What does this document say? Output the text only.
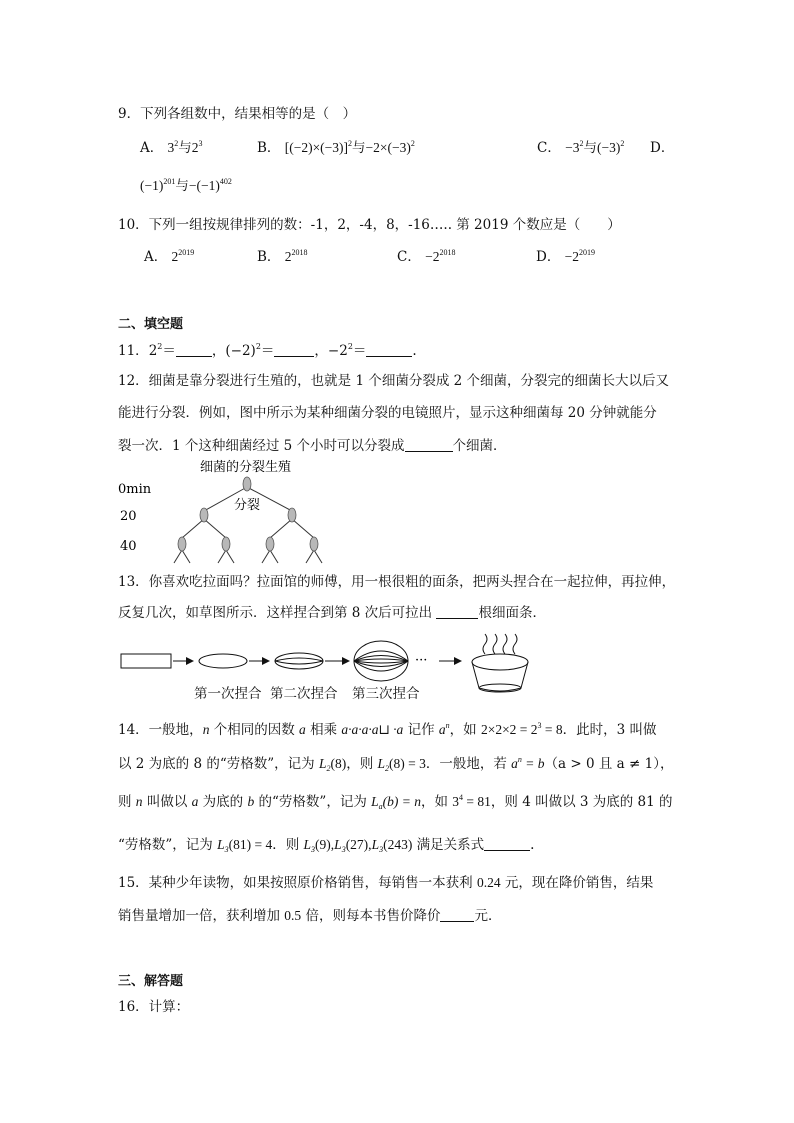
9．下列各组数中，结果相等的是（　）
A． $3^2$与$2^3$	B． $[(-2)\times(-3)]^2$与$-2\times(-3)^2$	C． $-3^2$与$(-3)^2$ D．
$(-1)^{201}$与$-(-1)^{402}$
10．下列一组按规律排列的数：-1，2，-4，8，-16….. 第 2019 个数应是（　　）
A． $2^{2019}$	B． $2^{2018}$	C． $-2^{2018}$	D． $-2^{2019}$
二、填空题
11．$2^2=$	，$(-2)^2=$	，$-2^2=$	.
12．细菌是靠分裂进行生殖的，也就是 1 个细菌分裂成 2 个细菌，分裂完的细菌长大以后又
能进行分裂．例如，图中所示为某种细菌分裂的电镜照片，显示这种细菌每 20 分钟就能分
裂一次．1 个这种细菌经过 5 个小时可以分裂成	个细菌．
细菌的分裂生殖
0min
20
40
分裂
13．你喜欢吃拉面吗？拉面馆的师傅，用一根很粗的面条，把两头捏合在一起拉伸，再拉伸，
反复几次，如草图所示．这样捏合到第 8 次后可拉出	根细面条．
···
第一次捏合 第二次捏合 第三次捏合
14．一般地，n 个相同的因数 a 相乘 a·a·a·a⊔ ·a 记作 $a^n$，如 $2\times 2\times 2 = 2^3 = 8$．此时，3 叫做
以 2 为底的 8 的“劳格数”，记为 $L_2(8)$，则 $L_2(8) = 3$．一般地，若 $a^n = b(a > 0$ 且 a ≠ 1），
则 n 叫做以 a 为底的 b 的“劳格数”，记为 $L_a(b) = n$，如 $3^4 = 81$，则 4 叫做以 3 为底的 81 的
“劳格数”，记为 $L_3(81) = 4$．则 $L_3(9),L_3(27),L_3(243)$ 满足关系式	.
15．某种少年读物，如果按照原价格销售，每销售一本获利 0.24 元，现在降价销售，结果
销售量增加一倍，获利增加 0.5 倍，则每本书售价降价	元．
三、解答题
16．计算：
